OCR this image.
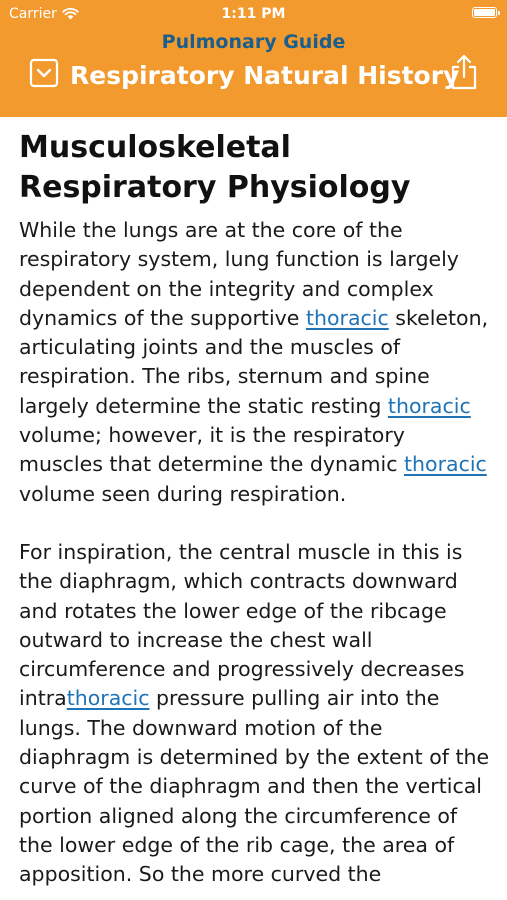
Carrier	1:11 PM
Pulmonary Guide
Respiratory Natural History
Musculoskeletal
Respiratory Physiology

While the lungs are at the core of the
respiratory system, lung function is largely
dependent on the integrity and complex
dynamics of the supportive thoracic skeleton,
articulating joints and the muscles of
respiration. The ribs, sternum and spine
largely determine the static resting thoracic
volume; however, it is the respiratory
muscles that determine the dynamic thoracic
volume seen during respiration.

For inspiration, the central muscle in this is
the diaphragm, which contracts downward
and rotates the lower edge of the ribcage
outward to increase the chest wall
circumference and progressively decreases
intrathoracic pressure pulling air into the
lungs. The downward motion of the
diaphragm is determined by the extent of the
curve of the diaphragm and then the vertical
portion aligned along the circumference of
the lower edge of the rib cage, the area of
apposition. So the more curved the
